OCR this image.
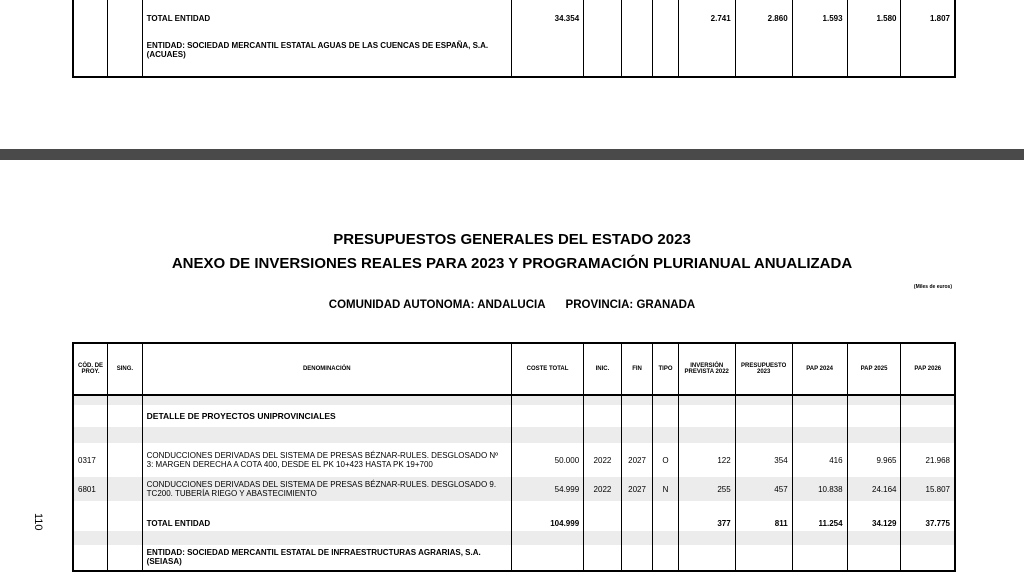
		TOTAL ENTIDAD	34.354				2.741	2.860	1.593	1.580	1.807
		ENTIDAD: SOCIEDAD MERCANTIL ESTATAL AGUAS DE LAS CUENCAS DE ESPAÑA, S.A. (ACUAES)									
PRESUPUESTOS GENERALES DEL ESTADO 2023
ANEXO DE INVERSIONES REALES PARA 2023 Y PROGRAMACIÓN PLURIANUAL ANUALIZADA
(Miles de euros)
COMUNIDAD AUTONOMA: ANDALUCIA PROVINCIA: GRANADA
110
CÓD. DE PROY.	SING.	DENOMINACIÓN	COSTE TOTAL	INIC.	FIN	TIPO	INVERSIÓN PREVISTA 2022	PRESUPUESTO 2023	PAP 2024	PAP 2025	PAP 2026

		DETALLE DE PROYECTOS UNIPROVINCIALES									

0317		CONDUCCIONES DERIVADAS DEL SISTEMA DE PRESAS BÉZNAR-RULES. DESGLOSADO Nº 3: MARGEN DERECHA A COTA 400, DESDE EL PK 10+423 HASTA PK 19+700	50.000	2022	2027	O	122	354	416	9.965	21.968
6801		CONDUCCIONES DERIVADAS DEL SISTEMA DE PRESAS BÉZNAR-RULES. DESGLOSADO 9. TC200. TUBERÍA RIEGO Y ABASTECIMIENTO	54.999	2022	2027	N	255	457	10.838	24.164	15.807

		TOTAL ENTIDAD	104.999				377	811	11.254	34.129	37.775

		ENTIDAD: SOCIEDAD MERCANTIL ESTATAL DE INFRAESTRUCTURAS AGRARIAS, S.A. (SEIASA)									
